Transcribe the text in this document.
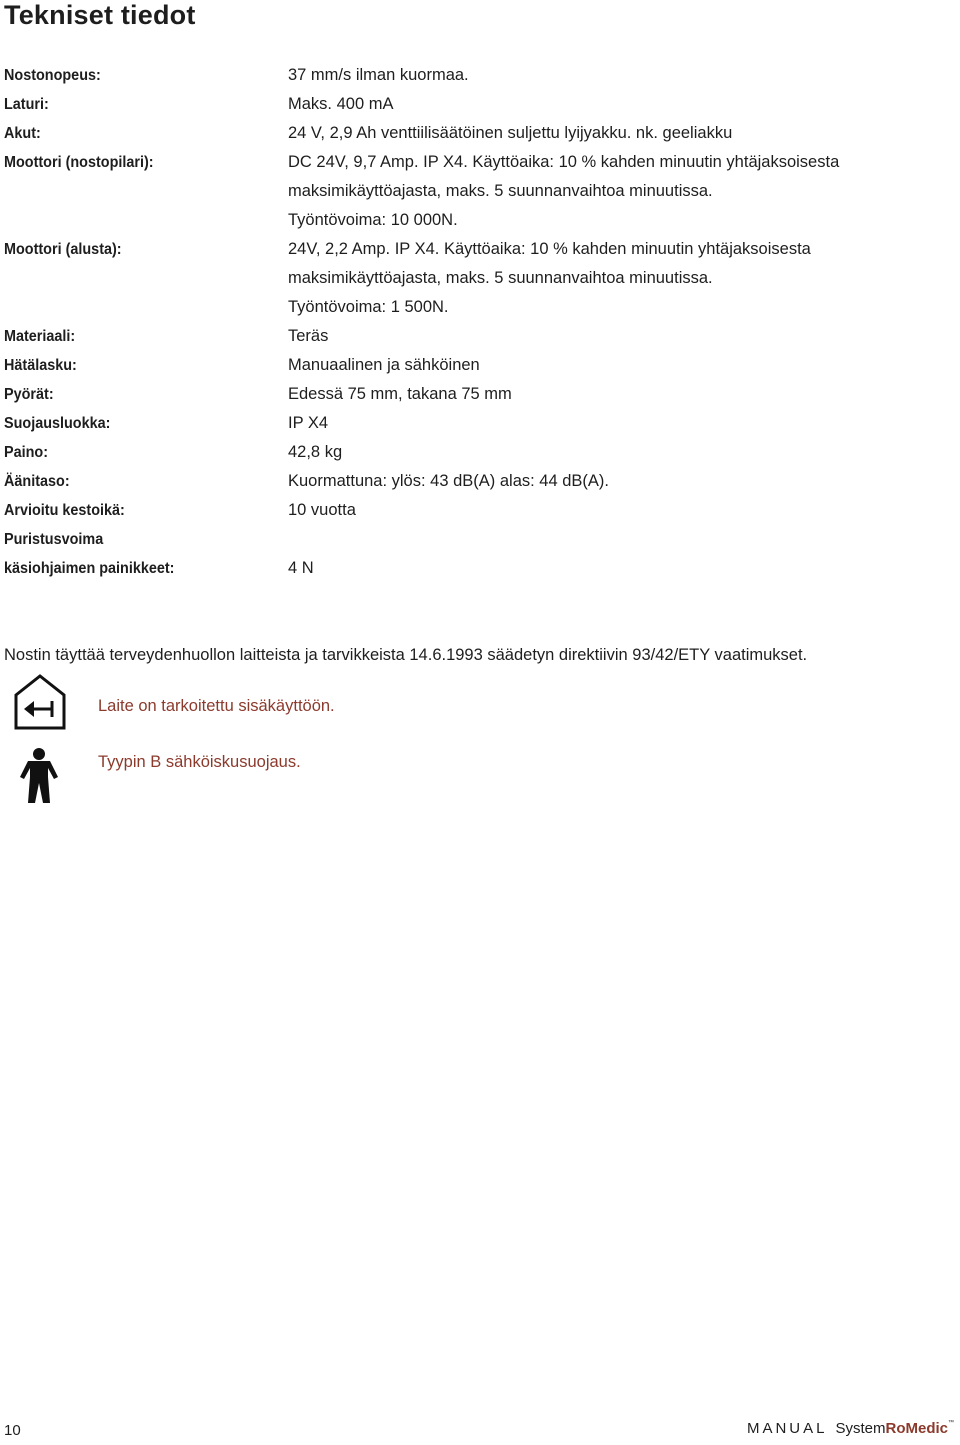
Tekniset tiedot
Nostonopeus:	37 mm/s ilman kuormaa.
Laturi:	Maks. 400 mA
Akut:	24 V, 2,9 Ah venttiilisäätöinen suljettu lyijyakku. nk. geeliakku
Moottori (nostopilari):	DC 24V, 9,7 Amp. IP X4. Käyttöaika: 10 % kahden minuutin yhtäjaksoisesta
maksimikäyttöajasta, maks. 5 suunnanvaihtoa minuutissa.
Työntövoima: 10 000N.
Moottori (alusta):	24V, 2,2 Amp. IP X4. Käyttöaika: 10 % kahden minuutin yhtäjaksoisesta
maksimikäyttöajasta, maks. 5 suunnanvaihtoa minuutissa.
Työntövoima: 1 500N.
Materiaali:	Teräs
Hätälasku:	Manuaalinen ja sähköinen
Pyörät:	Edessä 75 mm, takana 75 mm
Suojausluokka:	IP X4
Paino:	42,8 kg
Äänitaso:	Kuormattuna: ylös: 43 dB(A) alas: 44 dB(A).
Arvioitu kestoikä:	10 vuotta
Puristusvoima
käsiohjaimen painikkeet:	4 N
Nostin täyttää terveydenhuollon laitteista ja tarvikkeista 14.6.1993 säädetyn direktiivin 93/42/ETY vaatimukset.
Laite on tarkoitettu sisäkäyttöön.
Tyypin B sähköiskusuojaus.
10	MANUAL SystemRoMedic™
